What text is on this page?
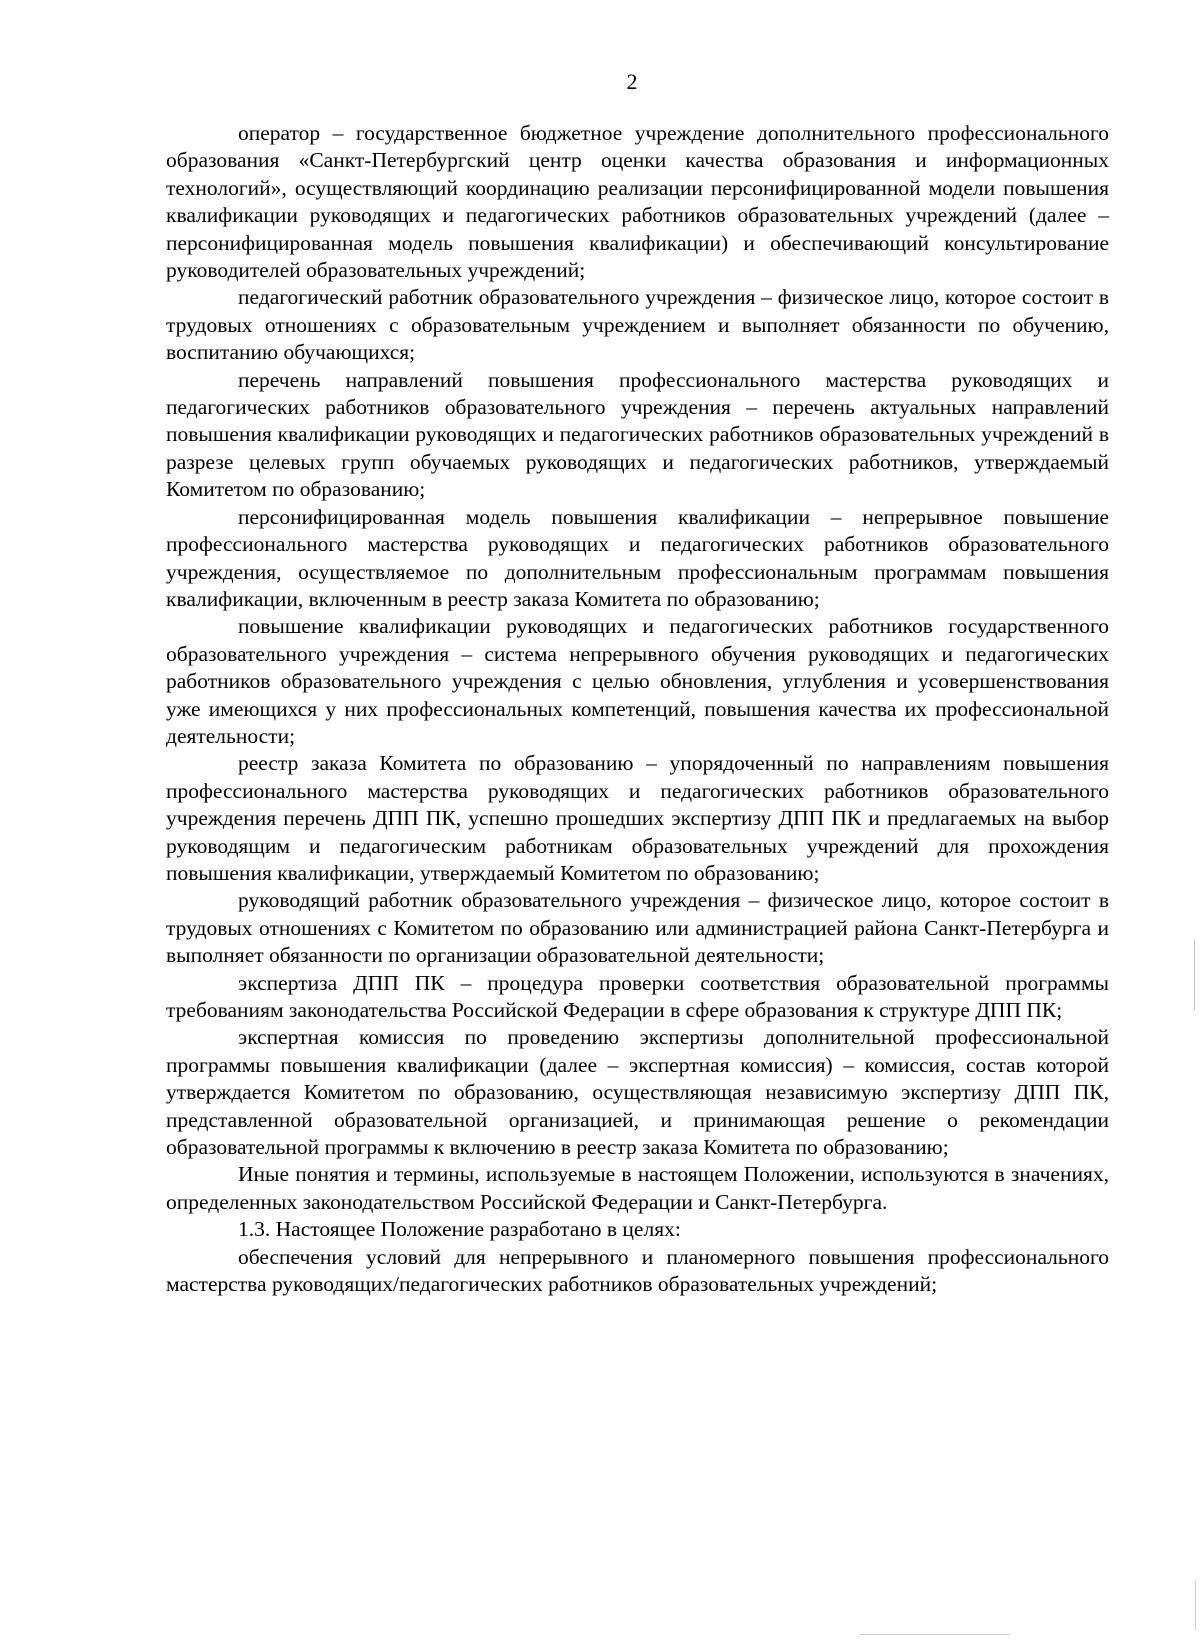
2

оператор – государственное бюджетное учреждение дополнительного профессионального образования «Санкт-Петербургский центр оценки качества образования и информационных технологий», осуществляющий координацию реализации персонифицированной модели повышения квалификации руководящих и педагогических работников образовательных учреждений (далее – персонифицированная модель повышения квалификации) и обеспечивающий консультирование руководителей образовательных учреждений;

педагогический работник образовательного учреждения – физическое лицо, которое состоит в трудовых отношениях с образовательным учреждением и выполняет обязанности по обучению, воспитанию обучающихся;

перечень направлений повышения профессионального мастерства руководящих и педагогических работников образовательного учреждения – перечень актуальных направлений повышения квалификации руководящих и педагогических работников образовательных учреждений в разрезе целевых групп обучаемых руководящих и педагогических работников, утверждаемый Комитетом по образованию;

персонифицированная модель повышения квалификации – непрерывное повышение профессионального мастерства руководящих и педагогических работников образовательного учреждения, осуществляемое по дополнительным профессиональным программам повышения квалификации, включенным в реестр заказа Комитета по образованию;

повышение квалификации руководящих и педагогических работников государственного образовательного учреждения – система непрерывного обучения руководящих и педагогических работников образовательного учреждения с целью обновления, углубления и усовершенствования уже имеющихся у них профессиональных компетенций, повышения качества их профессиональной деятельности;

реестр заказа Комитета по образованию – упорядоченный по направлениям повышения профессионального мастерства руководящих и педагогических работников образовательного учреждения перечень ДПП ПК, успешно прошедших экспертизу ДПП ПК и предлагаемых на выбор руководящим и педагогическим работникам образовательных учреждений для прохождения повышения квалификации, утверждаемый Комитетом по образованию;

руководящий работник образовательного учреждения – физическое лицо, которое состоит в трудовых отношениях с Комитетом по образованию или администрацией района Санкт-Петербурга и выполняет обязанности по организации образовательной деятельности;

экспертиза ДПП ПК – процедура проверки соответствия образовательной программы требованиям законодательства Российской Федерации в сфере образования к структуре ДПП ПК;

экспертная комиссия по проведению экспертизы дополнительной профессиональной программы повышения квалификации (далее – экспертная комиссия) – комиссия, состав которой утверждается Комитетом по образованию, осуществляющая независимую экспертизу ДПП ПК, представленной образовательной организацией, и принимающая решение о рекомендации образовательной программы к включению в реестр заказа Комитета по образованию;

Иные понятия и термины, используемые в настоящем Положении, используются в значениях, определенных законодательством Российской Федерации и Санкт-Петербурга.

1.3. Настоящее Положение разработано в целях:

обеспечения условий для непрерывного и планомерного повышения профессионального мастерства руководящих/педагогических работников образовательных учреждений;
